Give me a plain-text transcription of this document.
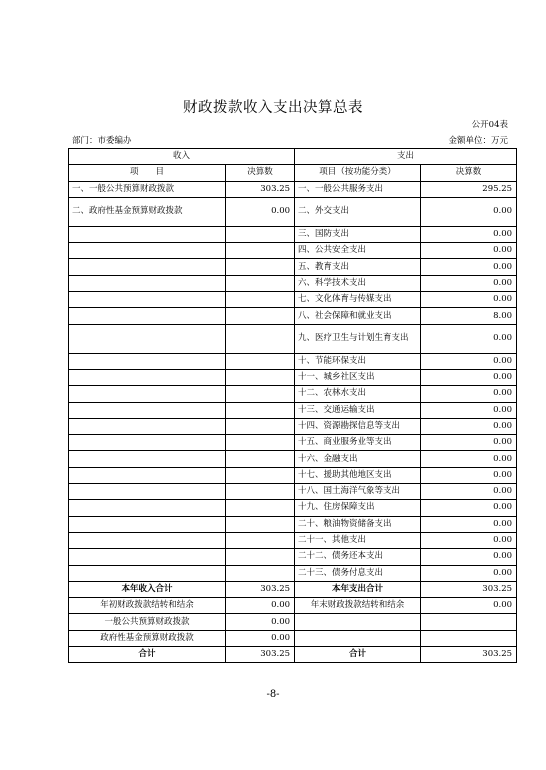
财政拨款收入支出决算总表
公开04表
部门：市委编办	金额单位：万元
收入		支出	
项　　目	决算数	项目（按功能分类）	决算数
一、一般公共预算财政拨款	303.25	一、一般公共服务支出	295.25
二、政府性基金预算财政拨款	0.00	二、外交支出	0.00
		三、国防支出	0.00
		四、公共安全支出	0.00
		五、教育支出	0.00
		六、科学技术支出	0.00
		七、文化体育与传媒支出	0.00
		八、社会保障和就业支出	8.00
		九、医疗卫生与计划生育支出	0.00
		十、节能环保支出	0.00
		十一、城乡社区支出	0.00
		十二、农林水支出	0.00
		十三、交通运输支出	0.00
		十四、资源勘探信息等支出	0.00
		十五、商业服务业等支出	0.00
		十六、金融支出	0.00
		十七、援助其他地区支出	0.00
		十八、国土海洋气象等支出	0.00
		十九、住房保障支出	0.00
		二十、粮油物资储备支出	0.00
		二十一、其他支出	0.00
		二十二、债务还本支出	0.00
		二十三、债务付息支出	0.00
本年收入合计	303.25	本年支出合计	303.25
年初财政拨款结转和结余	0.00	年末财政拨款结转和结余	0.00
一般公共预算财政拨款	0.00		
政府性基金预算财政拨款	0.00		
合计	303.25	合计	303.25
-8-
